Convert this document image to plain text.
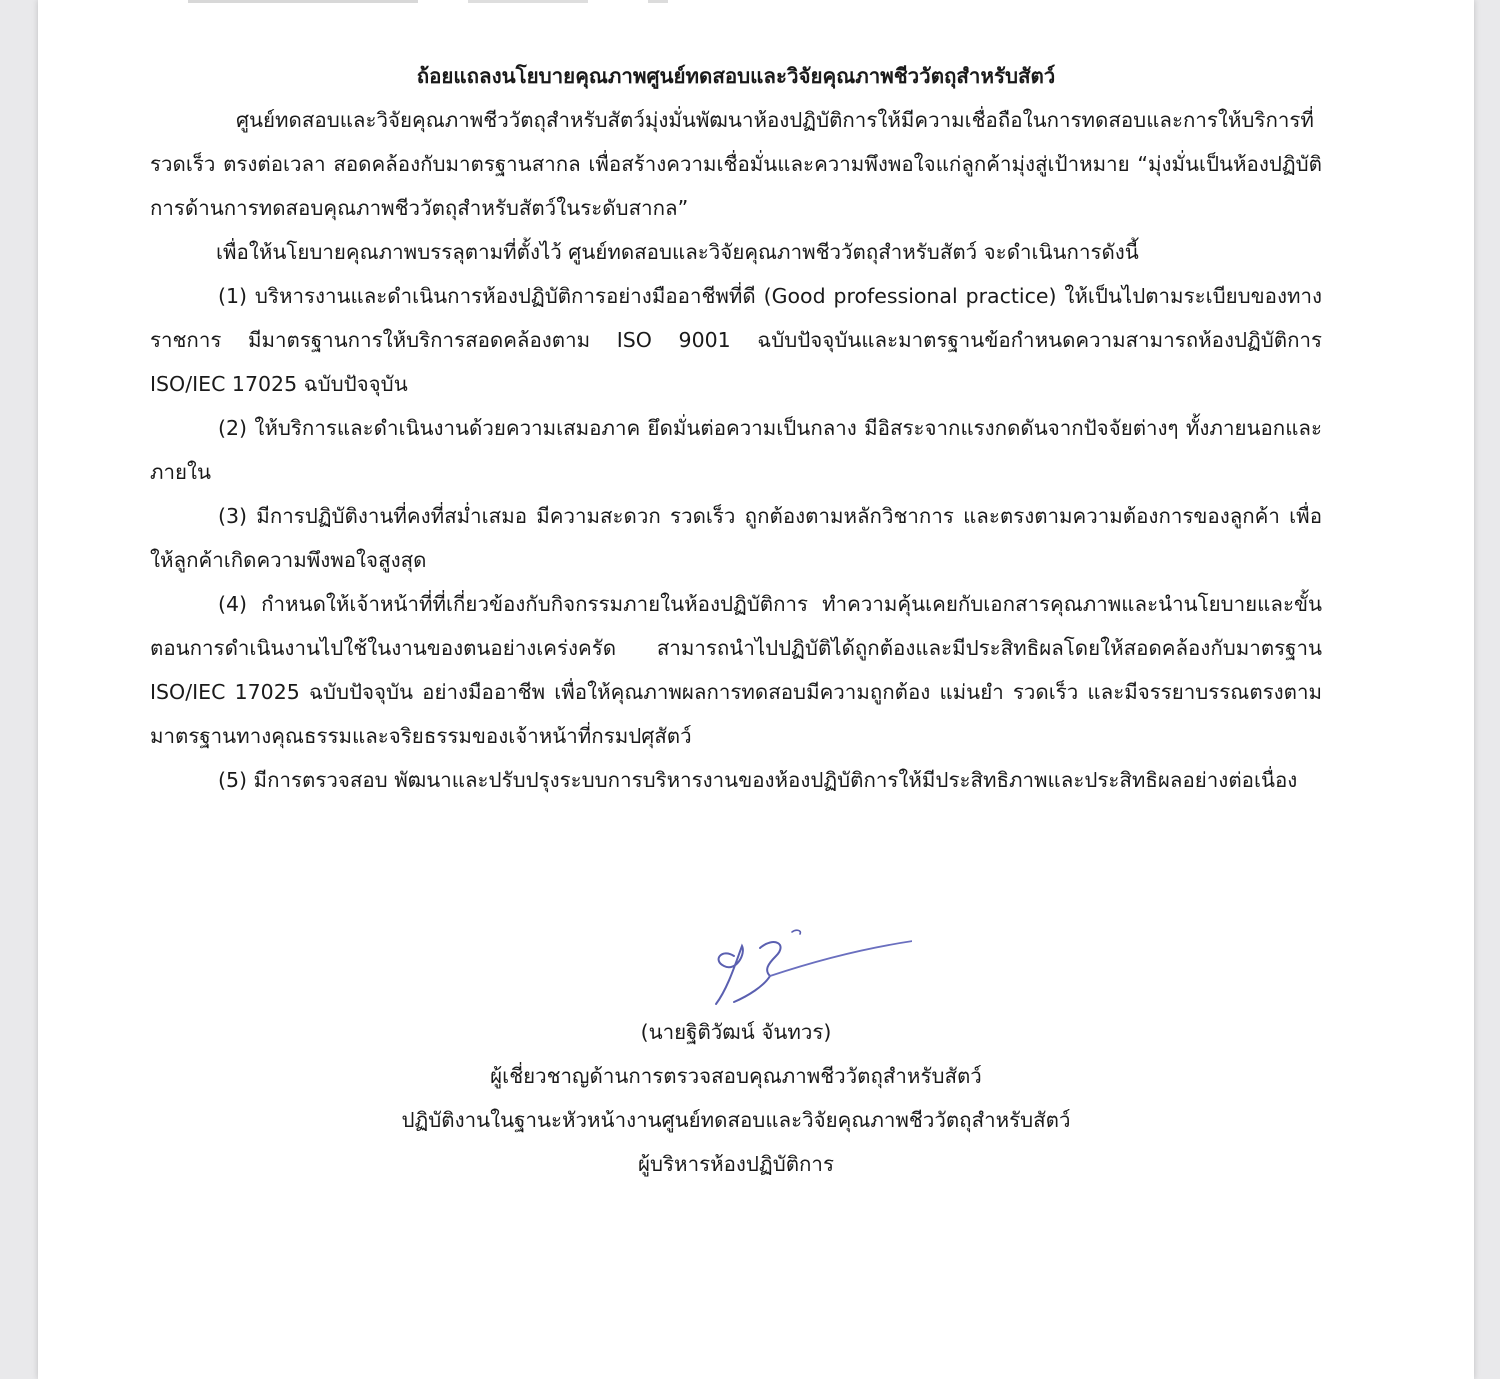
ถ้อยแถลงนโยบายคุณภาพศูนย์ทดสอบและวิจัยคุณภาพชีววัตถุสำหรับสัตว์

ศูนย์ทดสอบและวิจัยคุณภาพชีววัตถุสำหรับสัตว์มุ่งมั่นพัฒนาห้องปฏิบัติการให้มีความเชื่อถือในการทดสอบและการให้บริการที่รวดเร็ว ตรงต่อเวลา สอดคล้องกับมาตรฐานสากล เพื่อสร้างความเชื่อมั่นและความพึงพอใจแก่ลูกค้ามุ่งสู่เป้าหมาย “มุ่งมั่นเป็นห้องปฏิบัติการด้านการทดสอบคุณภาพชีววัตถุสำหรับสัตว์ในระดับสากล”

เพื่อให้นโยบายคุณภาพบรรลุตามที่ตั้งไว้ ศูนย์ทดสอบและวิจัยคุณภาพชีววัตถุสำหรับสัตว์ จะดำเนินการดังนี้

(1) บริหารงานและดำเนินการห้องปฏิบัติการอย่างมืออาชีพที่ดี (Good professional practice) ให้เป็นไปตามระเบียบของทางราชการ มีมาตรฐานการให้บริการสอดคล้องตาม ISO 9001 ฉบับปัจจุบันและมาตรฐานข้อกำหนดความสามารถห้องปฏิบัติการ ISO/IEC 17025 ฉบับปัจจุบัน

(2) ให้บริการและดำเนินงานด้วยความเสมอภาค ยึดมั่นต่อความเป็นกลาง มีอิสระจากแรงกดดันจากปัจจัยต่างๆ ทั้งภายนอกและภายใน

(3) มีการปฏิบัติงานที่คงที่สม่ำเสมอ มีความสะดวก รวดเร็ว ถูกต้องตามหลักวิชาการ และตรงตามความต้องการของลูกค้า เพื่อให้ลูกค้าเกิดความพึงพอใจสูงสุด

(4) กำหนดให้เจ้าหน้าที่ที่เกี่ยวข้องกับกิจกรรมภายในห้องปฏิบัติการ ทำความคุ้นเคยกับเอกสารคุณภาพและนำนโยบายและขั้นตอนการดำเนินงานไปใช้ในงานของตนอย่างเคร่งครัด สามารถนำไปปฏิบัติได้ถูกต้องและมีประสิทธิผลโดยให้สอดคล้องกับมาตรฐาน ISO/IEC 17025 ฉบับปัจจุบัน อย่างมืออาชีพ เพื่อให้คุณภาพผลการทดสอบมีความถูกต้อง แม่นยำ รวดเร็ว และมีจรรยาบรรณตรงตามมาตรฐานทางคุณธรรมและจริยธรรมของเจ้าหน้าที่กรมปศุสัตว์

(5) มีการตรวจสอบ พัฒนาและปรับปรุงระบบการบริหารงานของห้องปฏิบัติการให้มีประสิทธิภาพและประสิทธิผลอย่างต่อเนื่อง

(นายฐิติวัฒน์ จันทวร)
ผู้เชี่ยวชาญด้านการตรวจสอบคุณภาพชีววัตถุสำหรับสัตว์
ปฏิบัติงานในฐานะหัวหน้างานศูนย์ทดสอบและวิจัยคุณภาพชีววัตถุสำหรับสัตว์
ผู้บริหารห้องปฏิบัติการ
